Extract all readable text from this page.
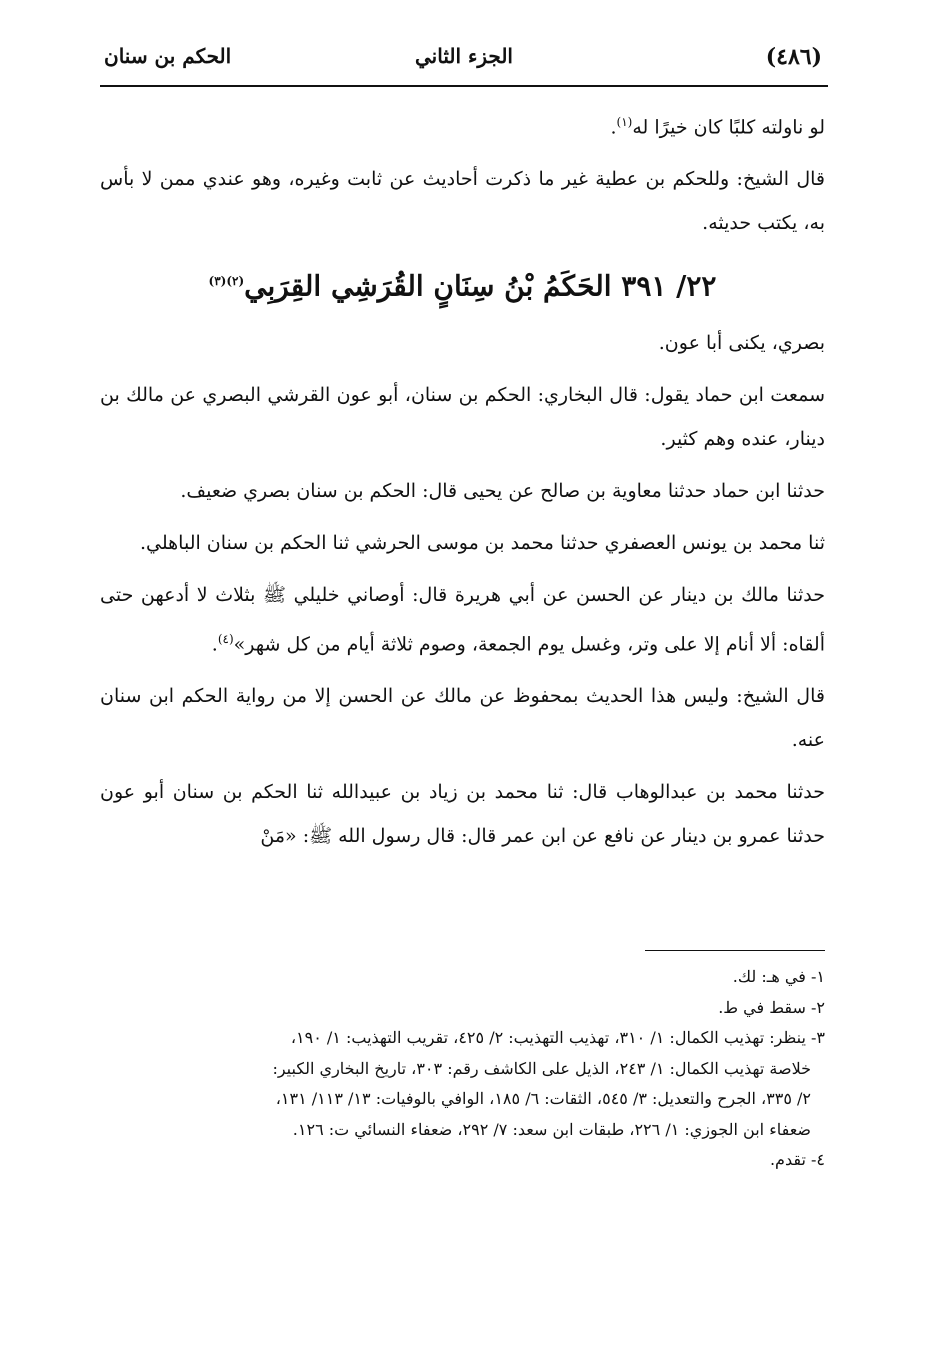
الحكم بن سنان	الجزء الثاني	(٤٨٦)

لو ناولته كلبًا كان خيرًا له$^{(١)}$.

قال الشيخ: وللحكم بن عطية غير ما ذكرت أحاديث عن ثابت وغيره، وهو عندي ممن لا بأس به، يكتب حديثه.

٢٢/ ٣٩١ الحَكَمُ بْنُ سِنَانٍ القُرَشِي القِرَبِي$^{(٢)(٣)}$

بصري، يكنى أبا عون.

سمعت ابن حماد يقول: قال البخاري: الحكم بن سنان، أبو عون القرشي البصري عن مالك بن دينار، عنده وهم كثير.

حدثنا ابن حماد حدثنا معاوية بن صالح عن يحيى قال: الحكم بن سنان بصري ضعيف.

ثنا محمد بن يونس العصفري حدثنا محمد بن موسى الحرشي ثنا الحكم بن سنان الباهلي.

حدثنا مالك بن دينار عن الحسن عن أبي هريرة قال: أوصاني خليلي ﷺ بثلاث لا أدعهن حتى ألقاه: ألا أنام إلا على وتر، وغسل يوم الجمعة، وصوم ثلاثة أيام من كل شهر»$^{(٤)}$.

قال الشيخ: وليس هذا الحديث بمحفوظ عن مالك عن الحسن إلا من رواية الحكم ابن سنان عنه.

حدثنا محمد بن عبدالوهاب قال: ثنا محمد بن زياد بن عبيدالله ثنا الحكم بن سنان أبو عون حدثنا عمرو بن دينار عن نافع عن ابن عمر قال: قال رسول الله ﷺ: «مَنْ

١- في هـ: لك.

٢- سقط في ط.

٣- ينظر: تهذيب الكمال: ١/ ٣١٠، تهذيب التهذيب: ٢/ ٤٢٥، تقريب التهذيب: ١/ ١٩٠،

خلاصة تهذيب الكمال: ١/ ٢٤٣، الذيل على الكاشف رقم: ٣٠٣، تاريخ البخاري الكبير:

٢/ ٣٣٥، الجرح والتعديل: ٣/ ٥٤٥، الثقات: ٦/ ١٨٥، الوافي بالوفيات: ١٣/ ١١٣/ ١٣١،

ضعفاء ابن الجوزي: ١/ ٢٢٦، طبقات ابن سعد: ٧/ ٢٩٢، ضعفاء النسائي ت: ١٢٦.

٤- تقدم.
